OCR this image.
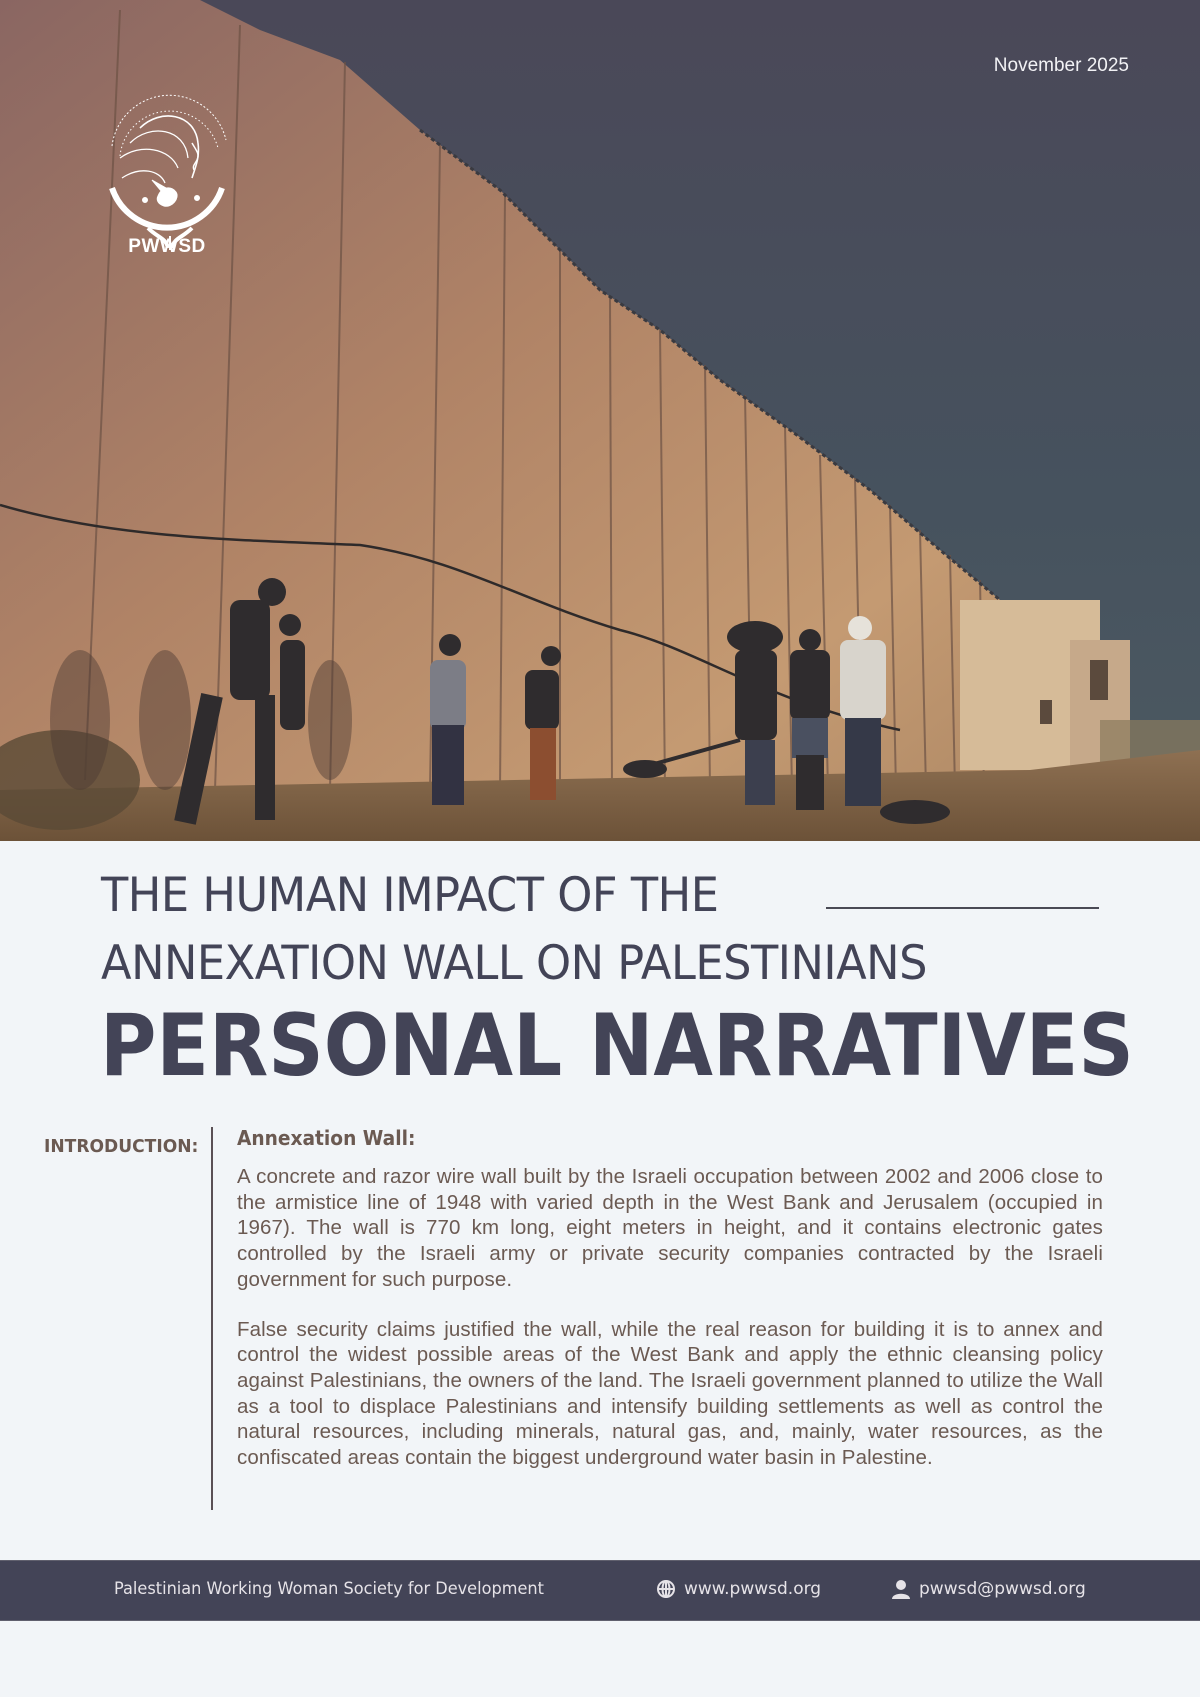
November 2025
PWWSD
THE HUMAN IMPACT OF THE
ANNEXATION WALL ON PALESTINIANS
PERSONAL NARRATIVES
INTRODUCTION: Annexation Wall:

A concrete and razor wire wall built by the Israeli occupation between 2002 and 2006 close to the armistice line of 1948 with varied depth in the West Bank and Jerusalem (occupied in 1967). The wall is 770 km long, eight meters in height, and it contains electronic gates controlled by the Israeli army or private security companies contracted by the Israeli government for such purpose.

False security claims justified the wall, while the real reason for building it is to annex and control the widest possible areas of the West Bank and apply the ethnic cleansing policy against Palestinians, the owners of the land. The Israeli government planned to utilize the Wall as a tool to displace Palestinians and intensify building settlements as well as control the natural resources, including minerals, natural gas, and, mainly, water resources, as the confiscated areas contain the biggest underground water basin in Palestine.

Palestinian Working Woman Society for Development	www.pwwsd.org	pwwsd@pwwsd.org
